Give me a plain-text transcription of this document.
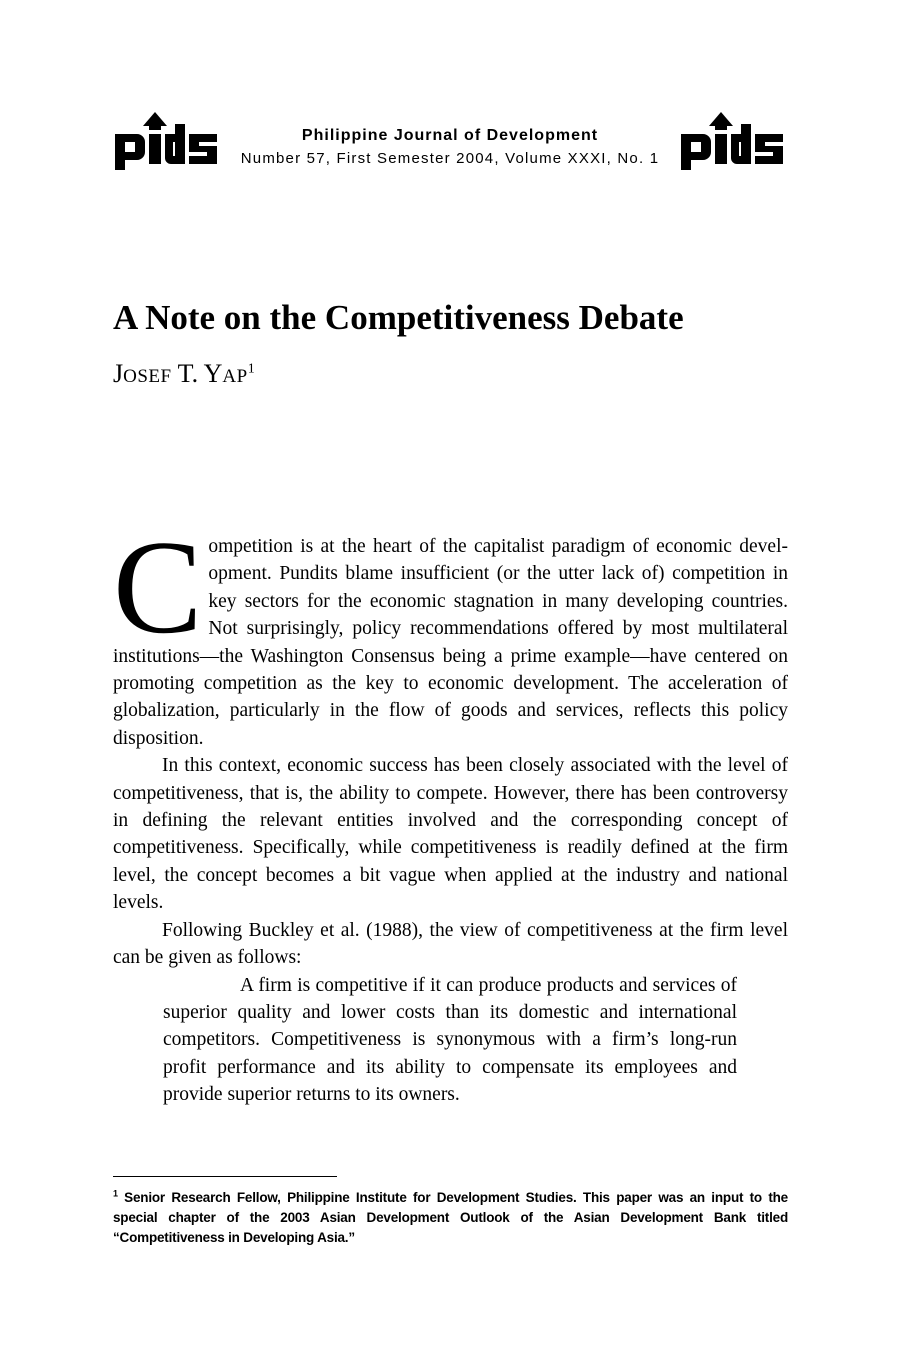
Philippine Journal of Development
Number 57, First Semester 2004, Volume XXXI, No. 1
A Note on the Competitiveness Debate
JOSEF T. YAP$^1$

Competition is at the heart of the capitalist paradigm of economic development. Pundits blame insufficient (or the utter lack of) competition in key sectors for the economic stagnation in many developing countries. Not surprisingly, policy recommendations offered by most multilateral institutions—the Washington Consensus being a prime example—have centered on promoting competition as the key to economic development. The acceleration of globalization, particularly in the flow of goods and services, reflects this policy disposition.

In this context, economic success has been closely associated with the level of competitiveness, that is, the ability to compete. However, there has been controversy in defining the relevant entities involved and the corresponding concept of competitiveness. Specifically, while competitiveness is readily defined at the firm level, the concept becomes a bit vague when applied at the industry and national levels.

Following Buckley et al. (1988), the view of competitiveness at the firm level can be given as follows:

A firm is competitive if it can produce products and services of superior quality and lower costs than its domestic and international competitors. Competitiveness is synonymous with a firm’s long-run profit performance and its ability to compensate its employees and provide superior returns to its owners.

$^1$ Senior Research Fellow, Philippine Institute for Development Studies. This paper was an input to the special chapter of the 2003 Asian Development Outlook of the Asian Development Bank titled “Competitiveness in Developing Asia.”
